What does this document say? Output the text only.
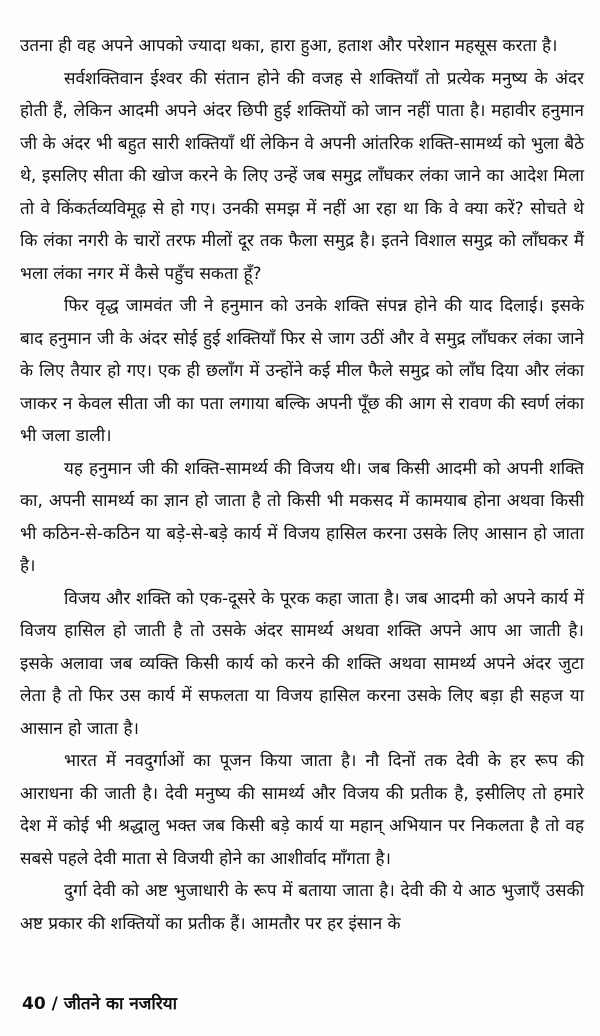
उतना ही वह अपने आपको ज्यादा थका, हारा हुआ, हताश और परेशान महसूस करता है।

सर्वशक्तिवान ईश्वर की संतान होने की वजह से शक्तियाँ तो प्रत्येक मनुष्य के अंदर होती हैं, लेकिन आदमी अपने अंदर छिपी हुई शक्तियों को जान नहीं पाता है। महावीर हनुमान जी के अंदर भी बहुत सारी शक्तियाँ थीं लेकिन वे अपनी आंतरिक शक्ति-सामर्थ्य को भुला बैठे थे, इसलिए सीता की खोज करने के लिए उन्हें जब समुद्र लाँघकर लंका जाने का आदेश मिला तो वे किंकर्तव्यविमूढ़ से हो गए। उनकी समझ में नहीं आ रहा था कि वे क्या करें? सोचते थे कि लंका नगरी के चारों तरफ मीलों दूर तक फैला समुद्र है। इतने विशाल समुद्र को लाँघकर मैं भला लंका नगर में कैसे पहुँच सकता हूँ?

फिर वृद्ध जामवंत जी ने हनुमान को उनके शक्ति संपन्न होने की याद दिलाई। इसके बाद हनुमान जी के अंदर सोई हुई शक्तियाँ फिर से जाग उठीं और वे समुद्र लाँघकर लंका जाने के लिए तैयार हो गए। एक ही छलाँग में उन्होंने कई मील फैले समुद्र को लाँघ दिया और लंका जाकर न केवल सीता जी का पता लगाया बल्कि अपनी पूँछ की आग से रावण की स्वर्ण लंका भी जला डाली।

यह हनुमान जी की शक्ति-सामर्थ्य की विजय थी। जब किसी आदमी को अपनी शक्ति का, अपनी सामर्थ्य का ज्ञान हो जाता है तो किसी भी मकसद में कामयाब होना अथवा किसी भी कठिन-से-कठिन या बड़े-से-बड़े कार्य में विजय हासिल करना उसके लिए आसान हो जाता है।

विजय और शक्ति को एक-दूसरे के पूरक कहा जाता है। जब आदमी को अपने कार्य में विजय हासिल हो जाती है तो उसके अंदर सामर्थ्य अथवा शक्ति अपने आप आ जाती है। इसके अलावा जब व्यक्ति किसी कार्य को करने की शक्ति अथवा सामर्थ्य अपने अंदर जुटा लेता है तो फिर उस कार्य में सफलता या विजय हासिल करना उसके लिए बड़ा ही सहज या आसान हो जाता है।

भारत में नवदुर्गाओं का पूजन किया जाता है। नौ दिनों तक देवी के हर रूप की आराधना की जाती है। देवी मनुष्य की सामर्थ्य और विजय की प्रतीक है, इसीलिए तो हमारे देश में कोई भी श्रद्धालु भक्त जब किसी बड़े कार्य या महान् अभियान पर निकलता है तो वह सबसे पहले देवी माता से विजयी होने का आशीर्वाद माँगता है।

दुर्गा देवी को अष्ट भुजाधारी के रूप में बताया जाता है। देवी की ये आठ भुजाएँ उसकी अष्ट प्रकार की शक्तियों का प्रतीक हैं। आमतौर पर हर इंसान के

40 / जीतने का नजरिया
